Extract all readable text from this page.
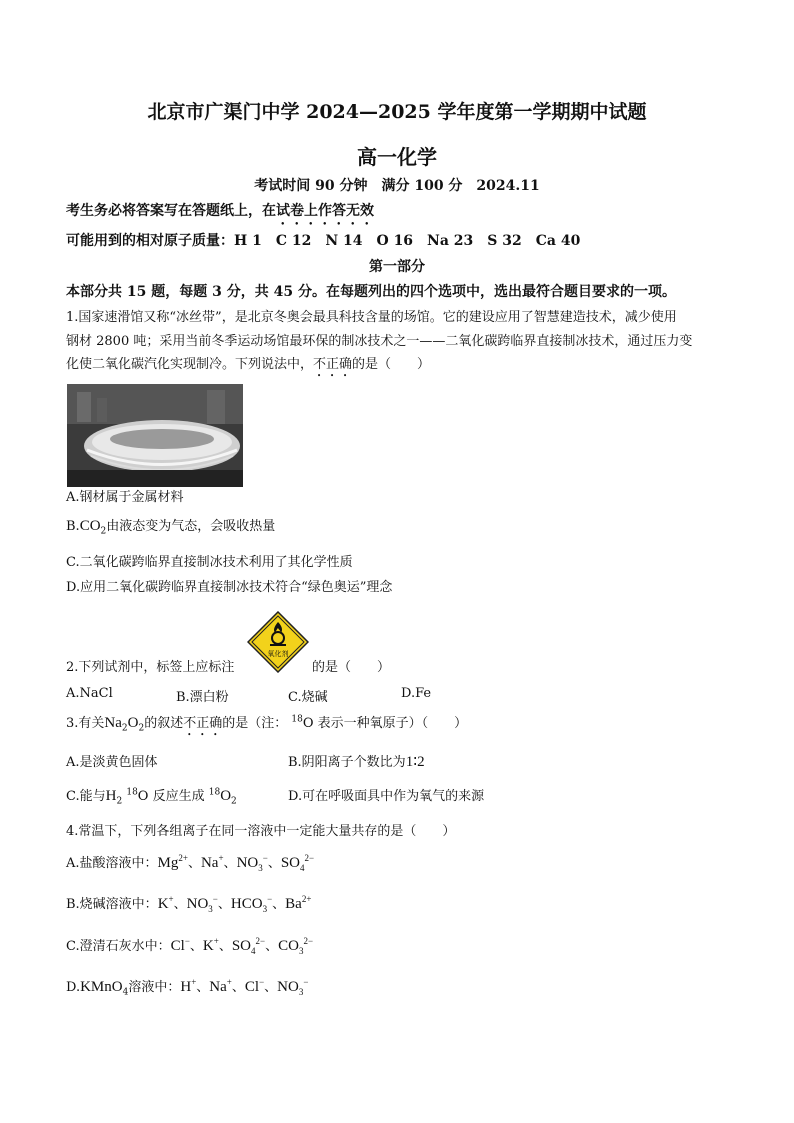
北京市广渠门中学 2024—2025 学年度第一学期期中试题
高一化学
考试时间 90 分钟　满分 100 分　2024.11
考生务必将答案写在答题纸上，在试卷上作答无效
可能用到的相对原子质量：H 1　C 12　N 14　O 16　Na 23　S 32　Ca 40
第一部分
本部分共 15 题，每题 3 分，共 45 分。在每题列出的四个选项中，选出最符合题目要求的一项。
1.国家速滑馆又称“冰丝带”，是北京冬奥会最具科技含量的场馆。它的建设应用了智慧建造技术，减少使用
钢材 2800 吨；采用当前冬季运动场馆最环保的制冰技术之一——二氧化碳跨临界直接制冰技术，通过压力变
化使二氧化碳汽化实现制冷。下列说法中，不正确的是（　　）
A.钢材属于金属材料
$B.CO_2$由液态变为气态，会吸收热量
C.二氧化碳跨临界直接制冰技术利用了其化学性质
D.应用二氧化碳跨临界直接制冰技术符合“绿色奥运”理念
2.下列试剂中，标签上应标注
氧化剂
的是（　　）
A.NaCl	B.漂白粉	C.烧碱	D.Fe
3.有关$Na_2O_2$的叙述不正确的是（注： $^{18}$O 表示一种氧原子）（　　）
A.是淡黄色固体	B.阴阳离子个数比为1∶2
C.能与$H_2$ $^{18}$O 反应生成 $^{18}O_2$	D.可在呼吸面具中作为氧气的来源
4.常温下，下列各组离子在同一溶液中一定能大量共存的是（　　）
A.盐酸溶液中：$Mg^{2+}$、Na+、$NO_3^-$、$SO_4^{2-}$
B.烧碱溶液中：K+、$NO_3^-$、$HCO_3^-$、$Ba^{2+}$
C.澄清石灰水中：Cl−、K+、$SO_4^{2-}$、$CO_3^{2-}$
D.KMnO$_4$溶液中：H+、Na+、Cl−、$NO_3^-$
